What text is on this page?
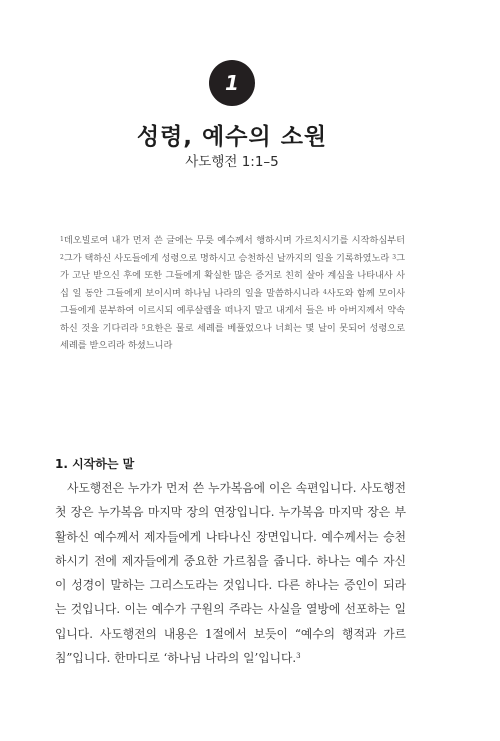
1
성령, 예수의 소원
사도행전 1:1–5
$^1$데오빌로여 내가 먼저 쓴 글에는 무릇 예수께서 행하시며 가르치시기를 시작하심부터 $^2$그가 택하신 사도들에게 성령으로 명하시고 승천하신 날까지의 일을 기록하였노라 $^3$그가 고난 받으신 후에 또한 그들에게 확실한 많은 증거로 친히 살아 계심을 나타내사 사십 일 동안 그들에게 보이시며 하나님 나라의 일을 말씀하시니라 $^4$사도와 함께 모이사 그들에게 분부하여 이르시되 예루살렘을 떠나지 말고 내게서 들은 바 아버지께서 약속하신 것을 기다리라 $^5$요한은 물로 세례를 베풀었으나 너희는 몇 날이 못되어 성령으로 세례를 받으리라 하셨느니라
1. 시작하는 말

사도행전은 누가가 먼저 쓴 누가복음에 이은 속편입니다. 사도행전 첫 장은 누가복음 마지막 장의 연장입니다. 누가복음 마지막 장은 부활하신 예수께서 제자들에게 나타나신 장면입니다. 예수께서는 승천하시기 전에 제자들에게 중요한 가르침을 줍니다. 하나는 예수 자신이 성경이 말하는 그리스도라는 것입니다. 다른 하나는 증인이 되라는 것입니다. 이는 예수가 구원의 주라는 사실을 열방에 선포하는 일입니다. 사도행전의 내용은 1절에서 보듯이 “예수의 행적과 가르침”입니다. 한마디로 ‘하나님 나라의 일’입니다.$^3$
